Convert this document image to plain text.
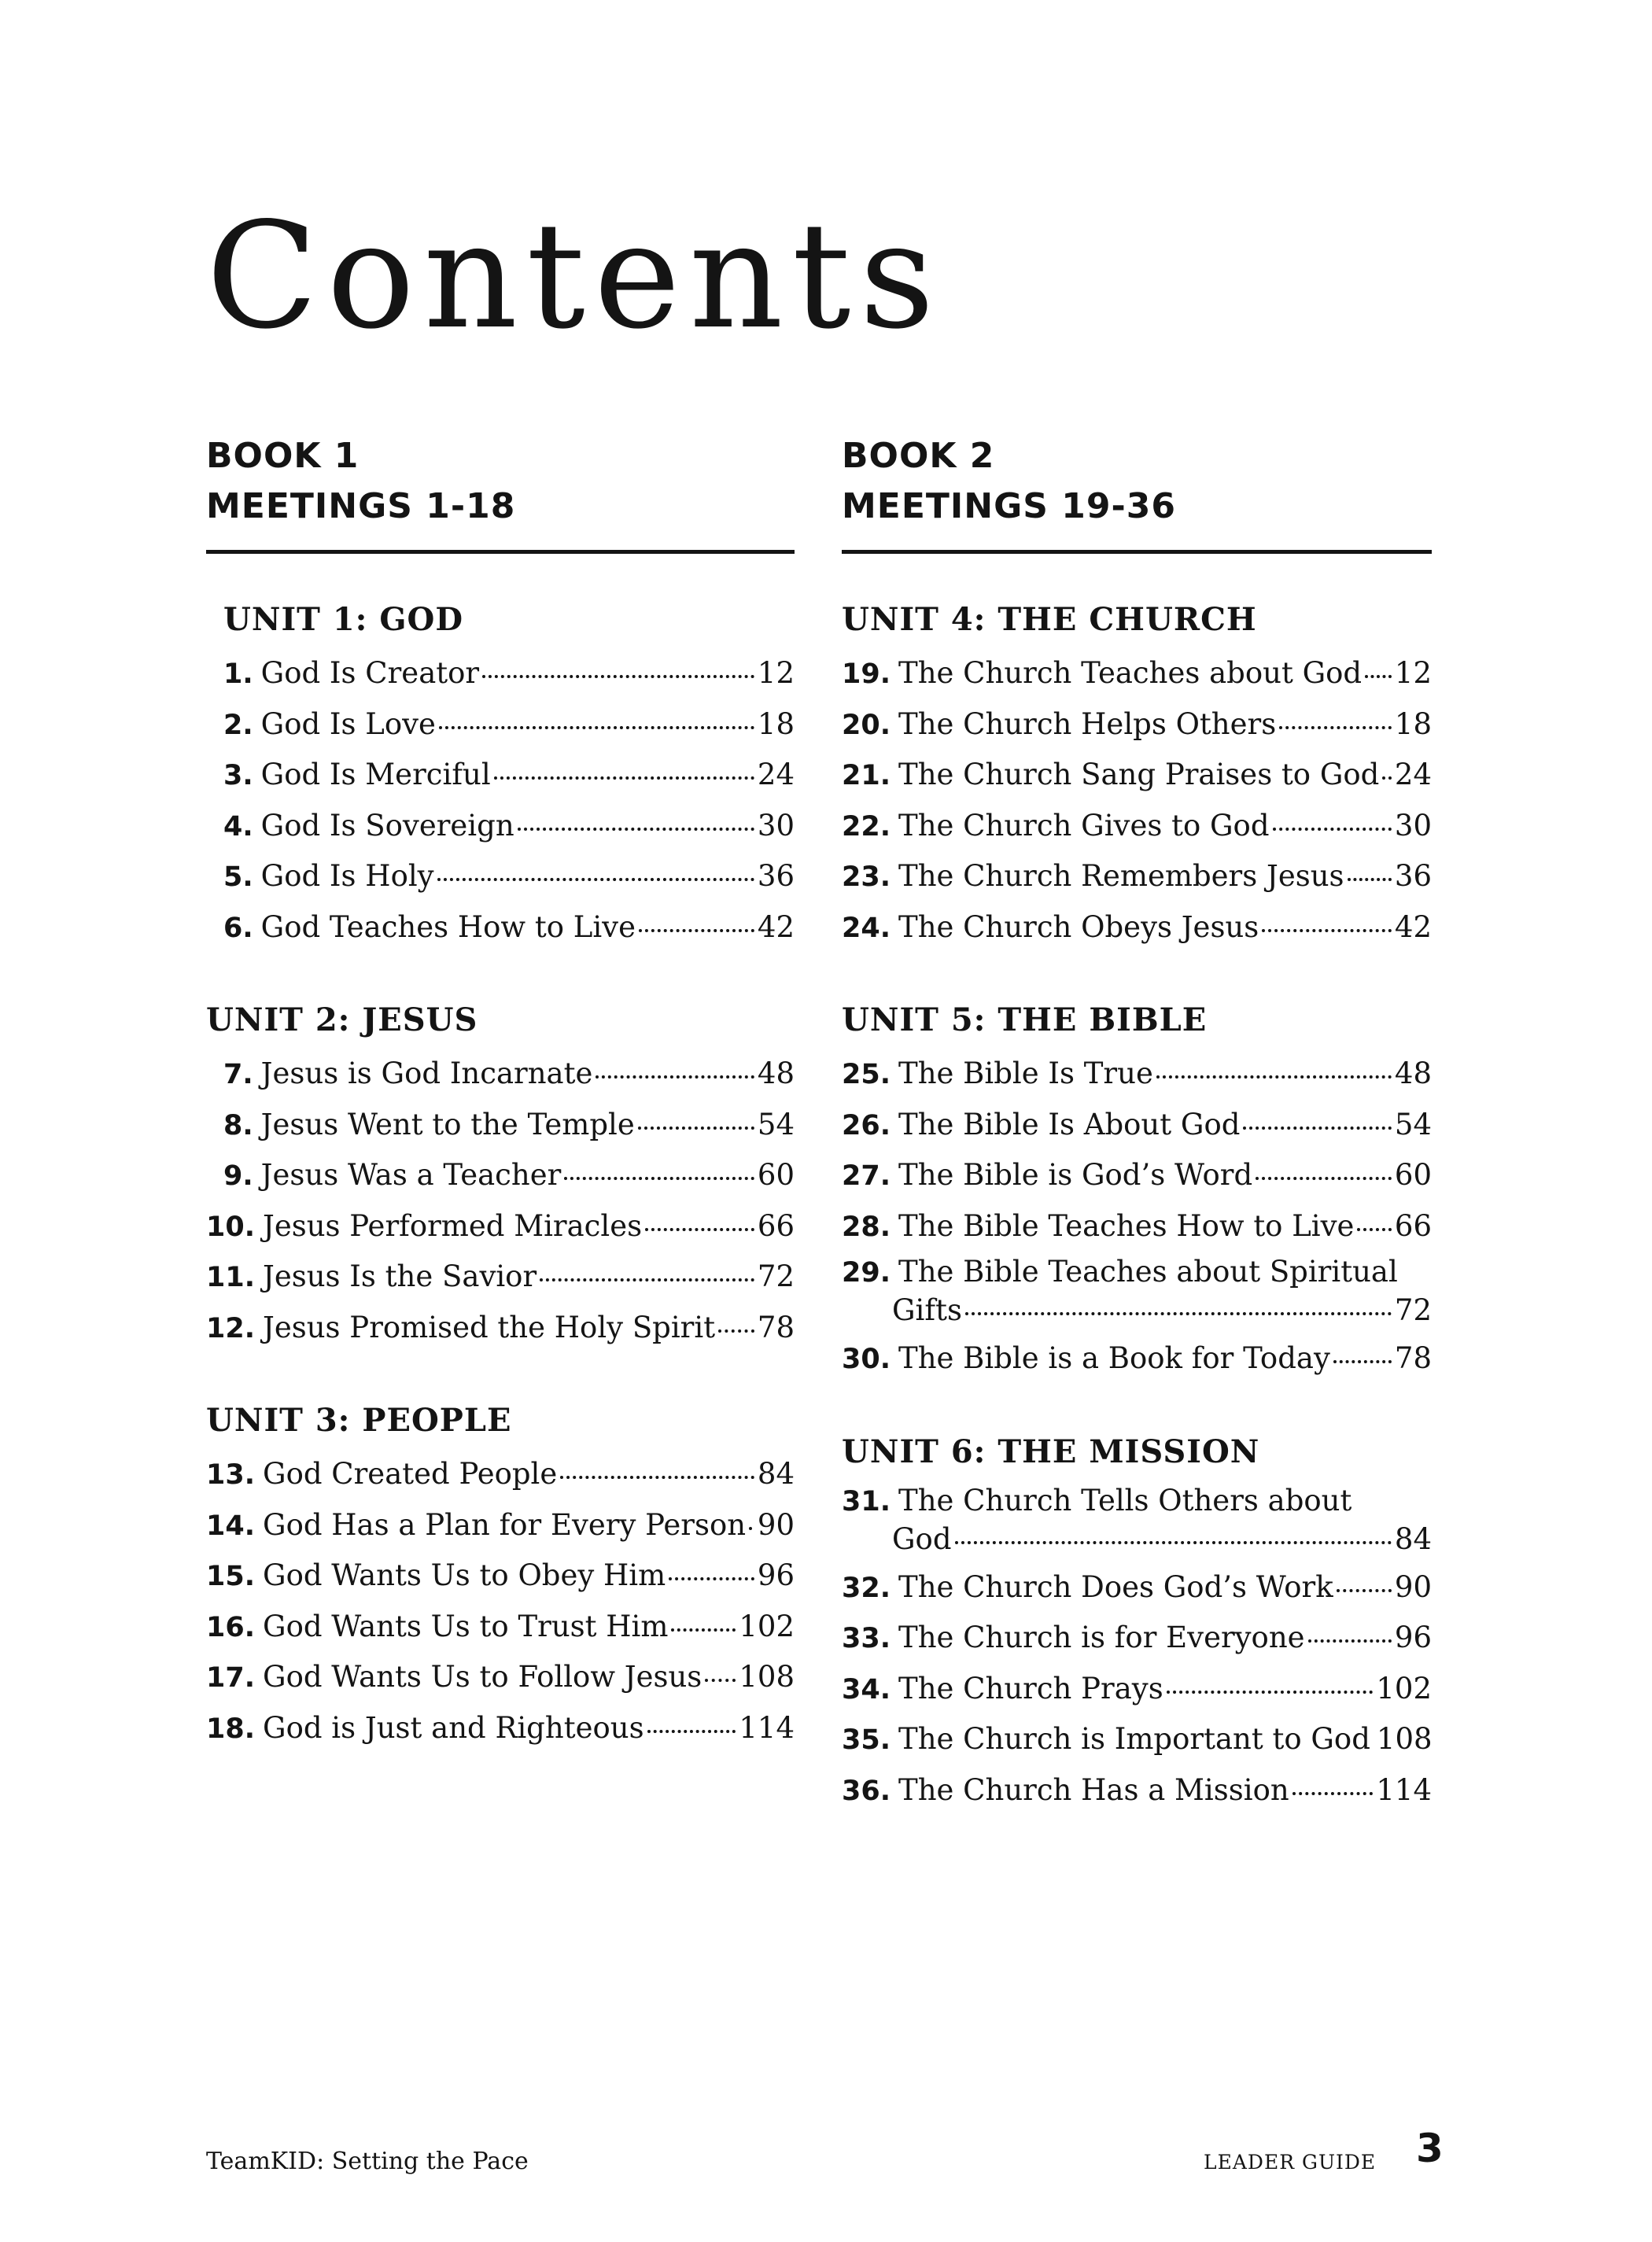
Contents
BOOK 1
MEETINGS 1-18
UNIT 1: GOD
1. God Is Creator	12
2. God Is Love	18
3. God Is Merciful	24
4. God Is Sovereign	30
5. God Is Holy	36
6. God Teaches How to Live	42
UNIT 2: JESUS
7. Jesus is God Incarnate	48
8. Jesus Went to the Temple	54
9. Jesus Was a Teacher	60
10. Jesus Performed Miracles	66
11. Jesus Is the Savior	72
12. Jesus Promised the Holy Spirit 78
UNIT 3: PEOPLE
13. God Created People	84
14. God Has a Plan for Every Person 90
15. God Wants Us to Obey Him	96
16. God Wants Us to Trust Him 102
17. God Wants Us to Follow Jesus 108
18. God is Just and Righteous	114
BOOK 2
MEETINGS 19-36
UNIT 4: THE CHURCH
19. The Church Teaches about God 12
20. The Church Helps Others	18
21. The Church Sang Praises to God 24
22. The Church Gives to God	30
23. The Church Remembers Jesus 36
24. The Church Obeys Jesus	42
UNIT 5: THE BIBLE
25. The Bible Is True	48
26. The Bible Is About God	54
27. The Bible is God’s Word	60
28. The Bible Teaches How to Live 66
29. The Bible Teaches about Spiritual
Gifts	72
30. The Bible is a Book for Today 78
UNIT 6: THE MISSION
31. The Church Tells Others about
God	84
32. The Church Does God’s Work 90
33. The Church is for Everyone	96
34. The Church Prays	102
35. The Church is Important to God 108
36. The Church Has a Mission	114
TeamKID: Setting the Pace	LEADER GUIDE 3
